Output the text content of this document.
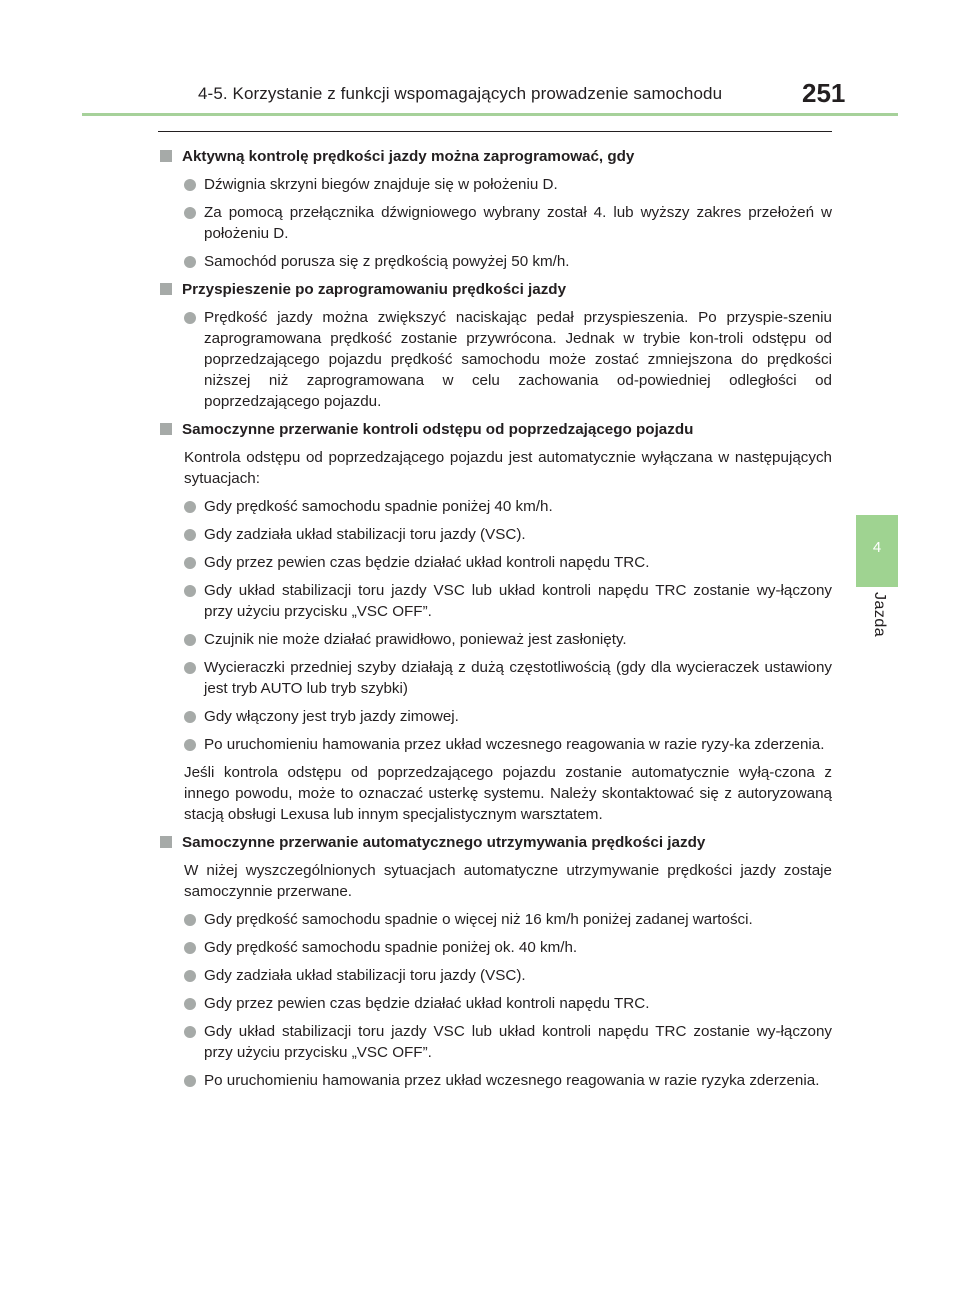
4-5. Korzystanie z funkcji wspomagających prowadzenie samochodu	251
4
Jazda
Aktywną kontrolę prędkości jazdy można zaprogramować, gdy
Dźwignia skrzyni biegów znajduje się w położeniu D.
Za pomocą przełącznika dźwigniowego wybrany został 4. lub wyższy zakres przełożeń w położeniu D.
Samochód porusza się z prędkością powyżej 50 km/h.
Przyspieszenie po zaprogramowaniu prędkości jazdy
Prędkość jazdy można zwiększyć naciskając pedał przyspieszenia. Po przyspie-szeniu zaprogramowana prędkość zostanie przywrócona. Jednak w trybie kon-troli odstępu od poprzedzającego pojazdu prędkość samochodu może zostać zmniejszona do prędkości niższej niż zaprogramowana w celu zachowania od-powiedniej odległości od poprzedzającego pojazdu.
Samoczynne przerwanie kontroli odstępu od poprzedzającego pojazdu
Kontrola odstępu od poprzedzającego pojazdu jest automatycznie wyłączana w następujących sytuacjach:
Gdy prędkość samochodu spadnie poniżej 40 km/h.
Gdy zadziała układ stabilizacji toru jazdy (VSC).
Gdy przez pewien czas będzie działać układ kontroli napędu TRC.
Gdy układ stabilizacji toru jazdy VSC lub układ kontroli napędu TRC zostanie wy-łączony przy użyciu przycisku „VSC OFF”.
Czujnik nie może działać prawidłowo, ponieważ jest zasłonięty.
Wycieraczki przedniej szyby działają z dużą częstotliwością (gdy dla wycieraczek ustawiony jest tryb AUTO lub tryb szybki)
Gdy włączony jest tryb jazdy zimowej.
Po uruchomieniu hamowania przez układ wczesnego reagowania w razie ryzy-ka zderzenia.
Jeśli kontrola odstępu od poprzedzającego pojazdu zostanie automatycznie wyłą-czona z innego powodu, może to oznaczać usterkę systemu. Należy skontaktować się z autoryzowaną stacją obsługi Lexusa lub innym specjalistycznym warsztatem.
Samoczynne przerwanie automatycznego utrzymywania prędkości jazdy
W niżej wyszczególnionych sytuacjach automatyczne utrzymywanie prędkości jazdy zostaje samoczynnie przerwane.
Gdy prędkość samochodu spadnie o więcej niż 16 km/h poniżej zadanej wartości.
Gdy prędkość samochodu spadnie poniżej ok. 40 km/h.
Gdy zadziała układ stabilizacji toru jazdy (VSC).
Gdy przez pewien czas będzie działać układ kontroli napędu TRC.
Gdy układ stabilizacji toru jazdy VSC lub układ kontroli napędu TRC zostanie wy-łączony przy użyciu przycisku „VSC OFF”.
Po uruchomieniu hamowania przez układ wczesnego reagowania w razie ryzyka zderzenia.
